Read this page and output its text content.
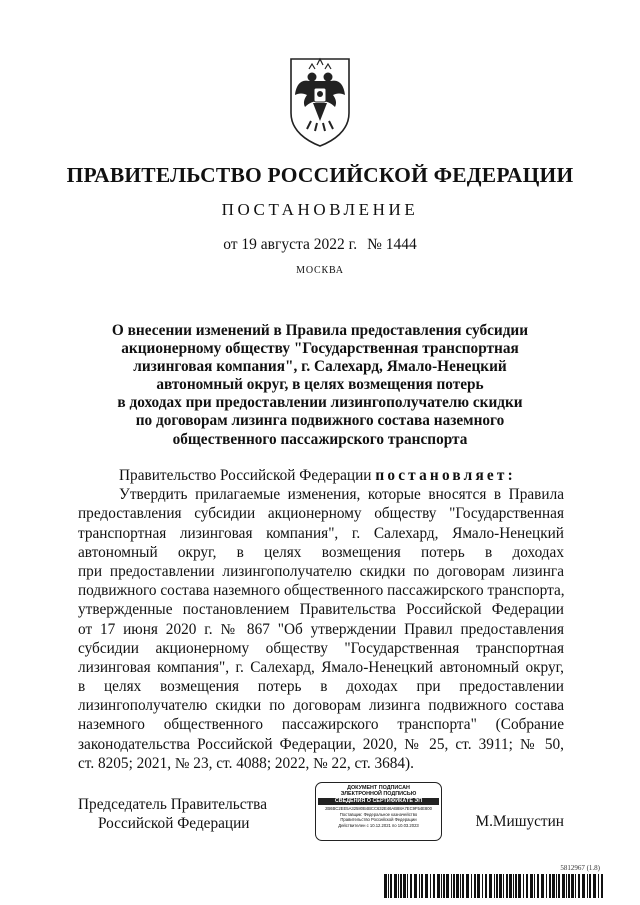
ПРАВИТЕЛЬСТВО РОССИЙСКОЙ ФЕДЕРАЦИИ
ПОСТАНОВЛЕНИЕ
от 19 августа 2022 г. № 1444
МОСКВА
О внесении изменений в Правила предоставления субсидии
акционерному обществу "Государственная транспортная
лизинговая компания", г. Салехард, Ямало-Ненецкий
автономный округ, в целях возмещения потерь
в доходах при предоставлении лизингополучателю скидки
по договорам лизинга подвижного состава наземного
общественного пассажирского транспорта
Правительство Российской Федерации постановляет:
Утвердить прилагаемые изменения, которые вносятся в Правила
предоставления субсидии акционерному обществу "Государственная
транспортная лизинговая компания", г. Салехард, Ямало-Ненецкий
автономный округ, в целях возмещения потерь в доходах
при предоставлении лизингополучателю скидки по договорам лизинга
подвижного состава наземного общественного пассажирского транспорта,
утвержденные постановлением Правительства Российской Федерации
от 17 июня 2020 г. № 867 "Об утверждении Правил предоставления
субсидии акционерному обществу "Государственная транспортная
лизинговая компания", г. Салехард, Ямало-Ненецкий автономный округ,
в целях возмещения потерь в доходах при предоставлении
лизингополучателю скидки по договорам лизинга подвижного состава
наземного общественного пассажирского транспорта" (Собрание
законодательства Российской Федерации, 2020, № 25, ст. 3911; № 50,
ст. 8205; 2021, № 23, ст. 4088; 2022, № 22, ст. 3684).
Председатель Правительства
Российской Федерации
ДОКУМЕНТ ПОДПИСАН
ЭЛЕКТРОННОЙ ПОДПИСЬЮ
СВЕДЕНИЯ О СЕРТИФИКАТЕ ЭП
2B6BC2EE5A32580B4BCC632E46AB88A7EC9F54E800
Поставщик: Федеральное казначейство
Правительство Российской Федерации
Действителен с 10.12.2021 по 10.03.2023	М.Мишустин
5812967 (1.8)
